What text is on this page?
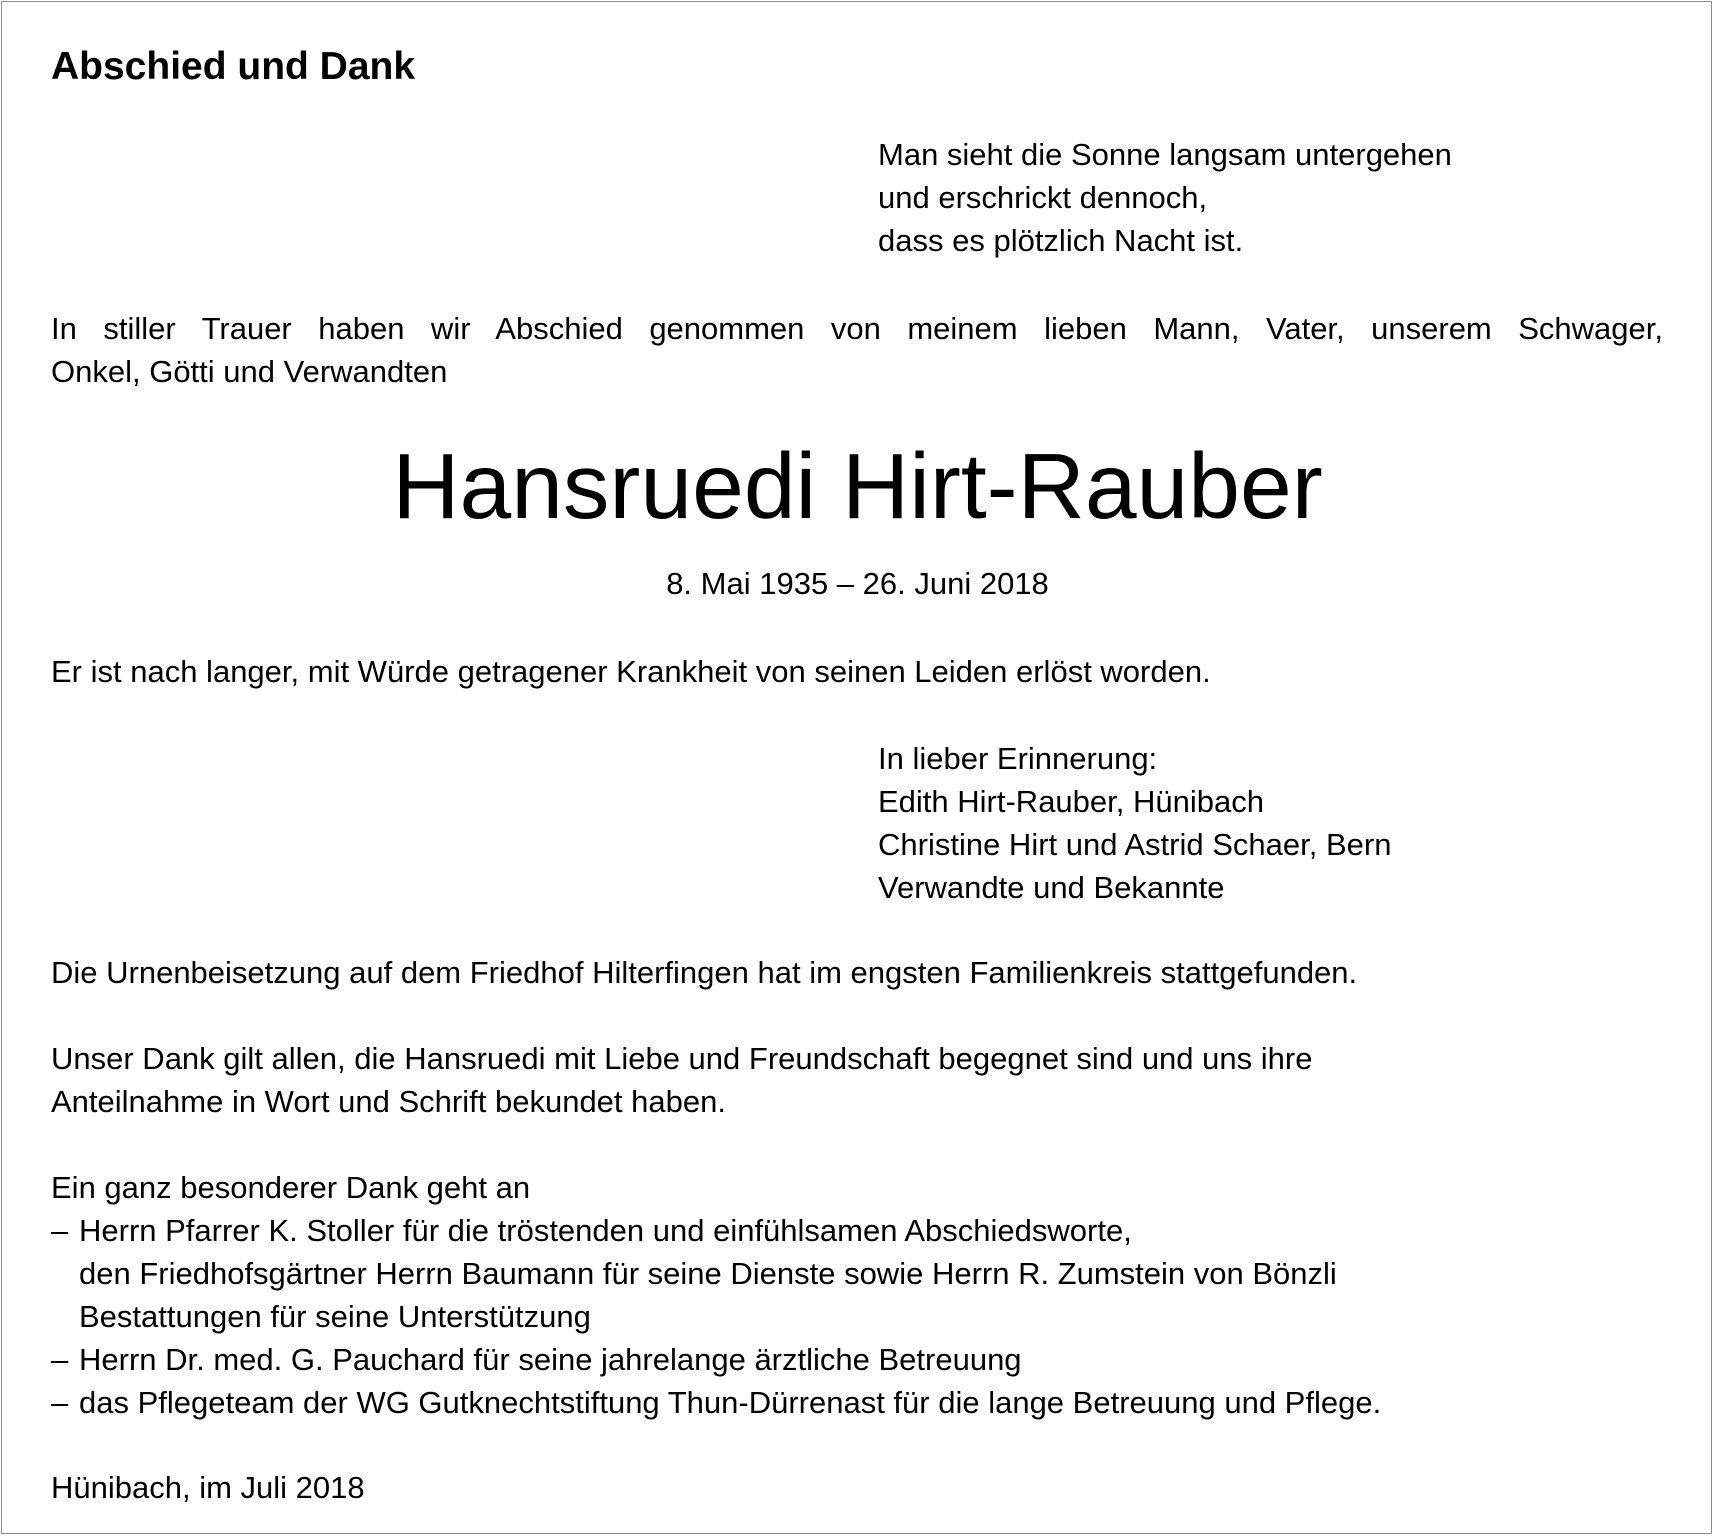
Abschied und Dank
Man sieht die Sonne langsam untergehen
und erschrickt dennoch,
dass es plötzlich Nacht ist.
In stiller Trauer haben wir Abschied genommen von meinem lieben Mann, Vater, unserem Schwager,
Onkel, Götti und Verwandten
Hansruedi Hirt-Rauber
8. Mai 1935 – 26. Juni 2018
Er ist nach langer, mit Würde getragener Krankheit von seinen Leiden erlöst worden.
In lieber Erinnerung:
Edith Hirt-Rauber, Hünibach
Christine Hirt und Astrid Schaer, Bern
Verwandte und Bekannte
Die Urnenbeisetzung auf dem Friedhof Hilterfingen hat im engsten Familienkreis stattgefunden.
Unser Dank gilt allen, die Hansruedi mit Liebe und Freundschaft begegnet sind und uns ihre
Anteilnahme in Wort und Schrift bekundet haben.
Ein ganz besonderer Dank geht an
– Herrn Pfarrer K. Stoller für die tröstenden und einfühlsamen Abschiedsworte,
den Friedhofsgärtner Herrn Baumann für seine Dienste sowie Herrn R. Zumstein von Bönzli
Bestattungen für seine Unterstützung
– Herrn Dr. med. G. Pauchard für seine jahrelange ärztliche Betreuung
– das Pflegeteam der WG Gutknechtstiftung Thun-Dürrenast für die lange Betreuung und Pflege.
Hünibach, im Juli 2018
